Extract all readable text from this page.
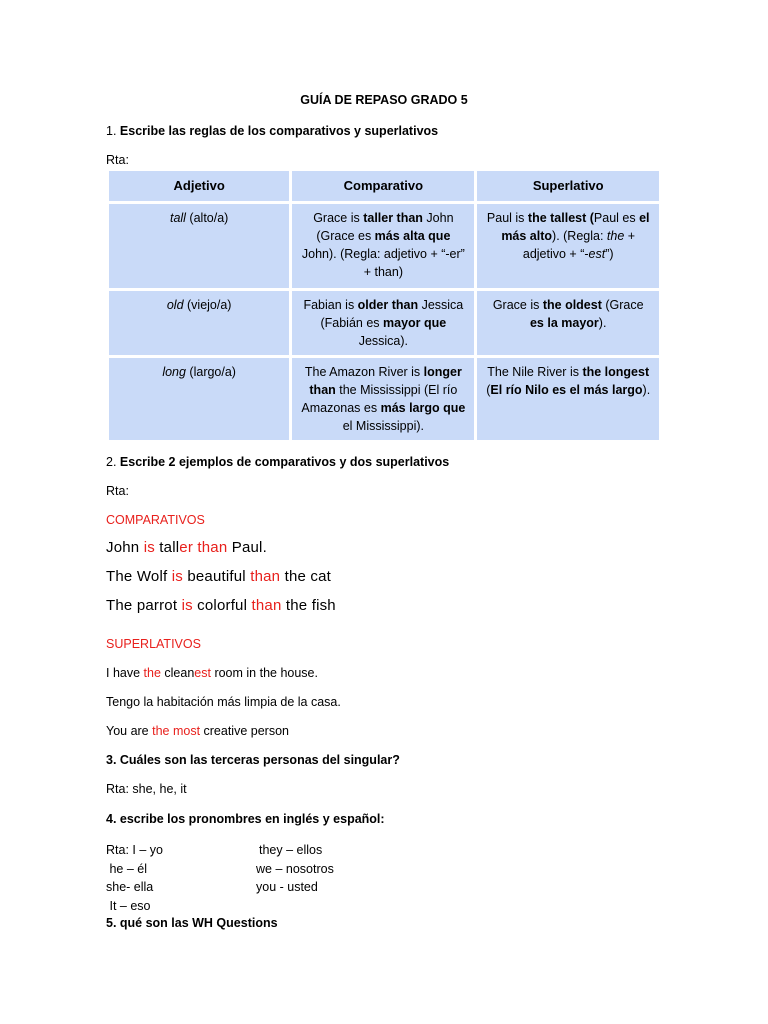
GUÍA DE REPASO GRADO 5
1. Escribe las reglas de los comparativos y superlativos
Rta:
Adjetivo	Comparativo	Superlativo
tall (alto/a)	Grace is taller than John (Grace es más alta que John). (Regla: adjetivo + “-er” + than)	Paul is the tallest (Paul es el más alto). (Regla: the + adjetivo + “-est”)
old (viejo/a)	Fabian is older than Jessica (Fabián es mayor que Jessica).	Grace is the oldest (Grace es la mayor).
long (largo/a)	The Amazon River is longer than the Mississippi (El río Amazonas es más largo que el Mississippi).	The Nile River is the longest (El río Nilo es el más largo).
2. Escribe 2 ejemplos de comparativos y dos superlativos
Rta:
COMPARATIVOS
John is taller than Paul.
The Wolf is beautiful than the cat
The parrot is colorful than the fish
SUPERLATIVOS
I have the cleanest room in the house.
Tengo la habitación más limpia de la casa.
You are the most creative person
3. Cuáles son las terceras personas del singular?
Rta: she, he, it
4. escribe los pronombres en inglés y español:
Rta: I – yo
he – él
she- ella
It – eso
they – ellos
we – nosotros
you - usted
5. qué son las WH Questions
